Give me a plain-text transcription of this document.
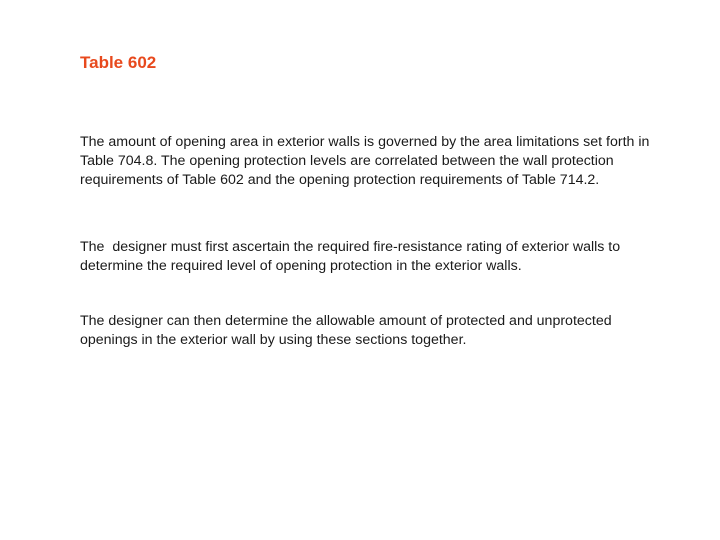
Table 602

The amount of opening area in exterior walls is governed by the area limitations set forth in Table 704.8. The opening protection levels are correlated between the wall protection requirements of Table 602 and the opening protection requirements of Table 714.2.

The  designer must first ascertain the required fire-resistance rating of exterior walls to determine the required level of opening protection in the exterior walls.

The designer can then determine the allowable amount of protected and unprotected openings in the exterior wall by using these sections together.
